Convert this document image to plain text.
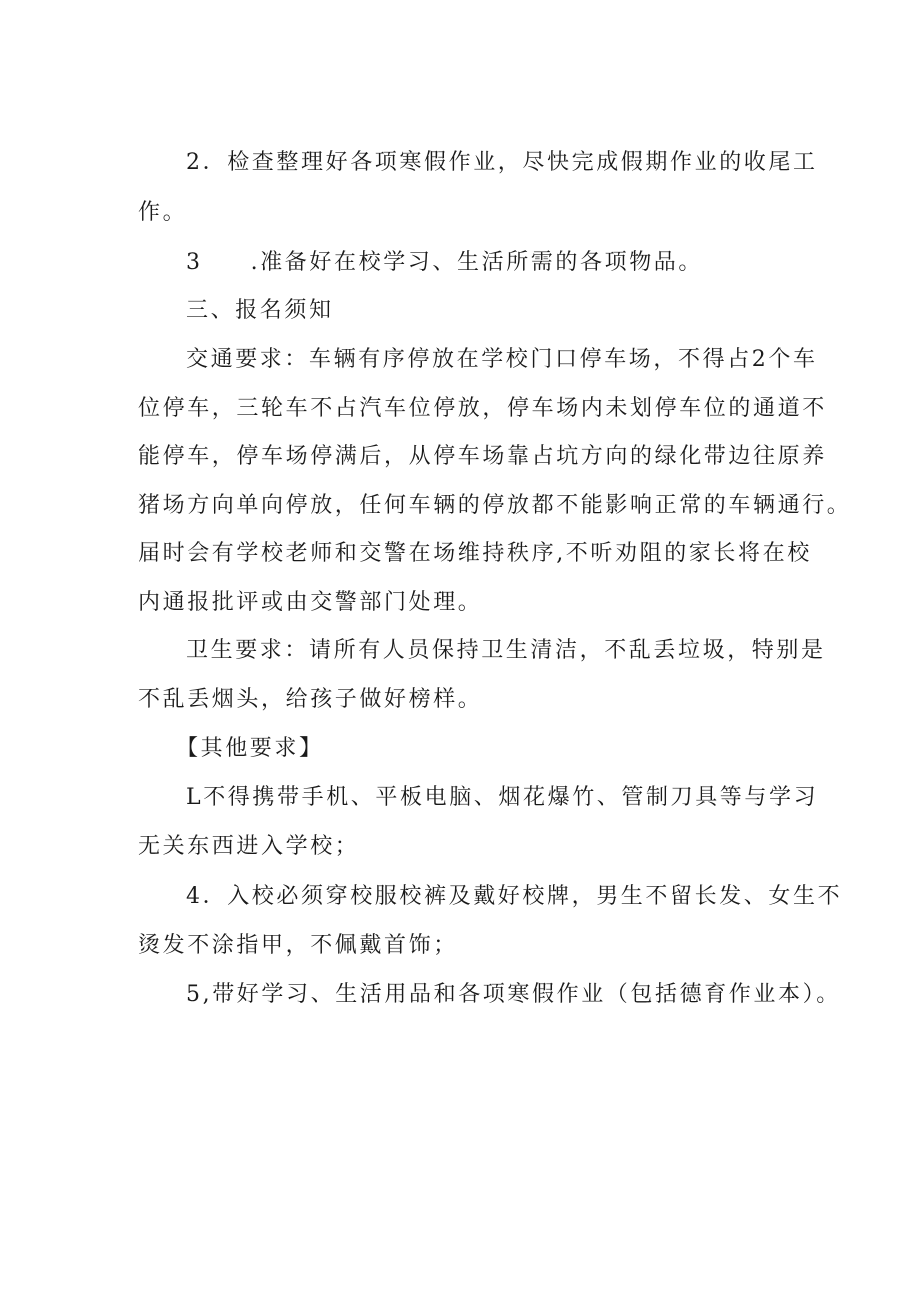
2．检查整理好各项寒假作业，尽快完成假期作业的收尾工
作。
3 .准备好在校学习、生活所需的各项物品。
三、报名须知
交通要求：车辆有序停放在学校门口停车场，不得占2个车
位停车，三轮车不占汽车位停放，停车场内未划停车位的通道不
能停车，停车场停满后，从停车场靠占坑方向的绿化带边往原养
猪场方向单向停放，任何车辆的停放都不能影响正常的车辆通行。
届时会有学校老师和交警在场维持秩序,不听劝阻的家长将在校
内通报批评或由交警部门处理。
卫生要求：请所有人员保持卫生清洁，不乱丢垃圾，特别是
不乱丢烟头，给孩子做好榜样。
【其他要求】
L不得携带手机、平板电脑、烟花爆竹、管制刀具等与学习
无关东西进入学校；
4．入校必须穿校服校裤及戴好校牌，男生不留长发、女生不
烫发不涂指甲，不佩戴首饰；
5,带好学习、生活用品和各项寒假作业（包括德育作业本）。
